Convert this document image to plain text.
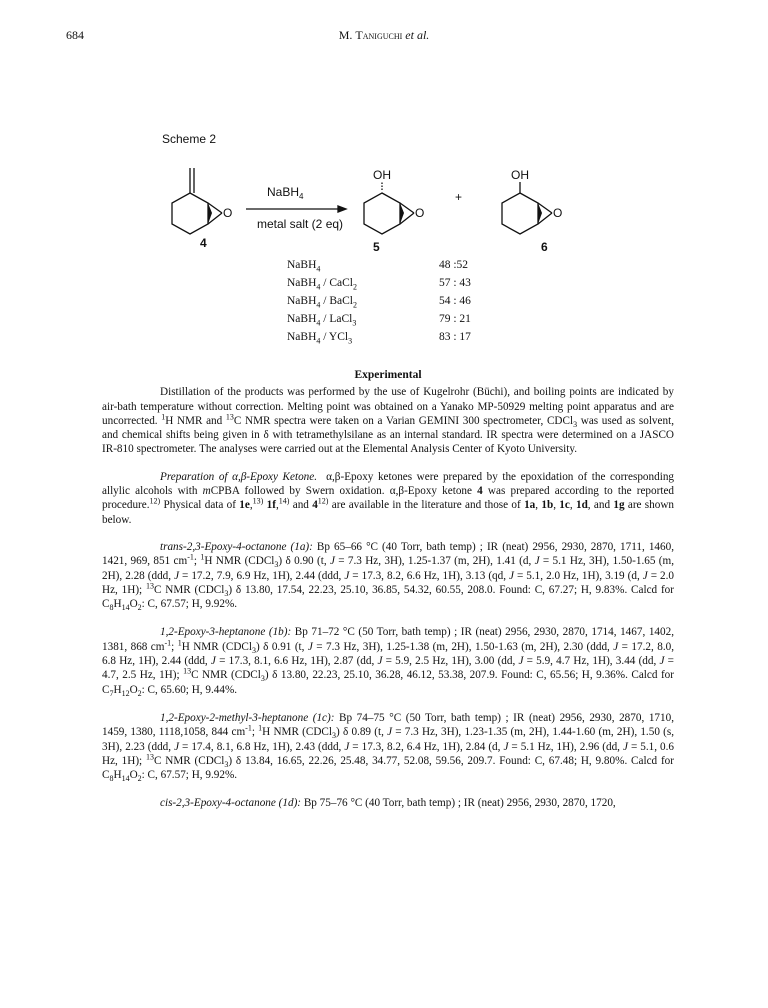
684	M. Taniguchi et al.
Scheme 2
O	O	O
OH	OH
NaBH$_4$
metal salt (2 eq)
+
4	5	6
NaBH$_4$	48 :52
NaBH$_4$ / CaCl$_2$	57 : 43
NaBH$_4$ / BaCl$_2$	54 : 46
NaBH$_4$ / LaCl$_3$	79 : 21
NaBH$_4$ / YCl$_3$	83 : 17
Experimental

Distillation of the products was performed by the use of Kugelrohr (Büchi), and boiling points are indicated by air-bath temperature without correction. Melting point was obtained on a Yanako MP-50929 melting point apparatus and are uncorrected. $^1$H NMR and $^{13}$C NMR spectra were taken on a Varian GEMINI 300 spectrometer, CDCl$_3$ was used as solvent, and chemical shifts being given in δ with tetramethylsilane as an internal standard. IR spectra were determined on a JASCO IR-810 spectrometer. The analyses were carried out at the Elemental Analysis Center of Kyoto University.

Preparation of α,β-Epoxy Ketone.  α,β-Epoxy ketones were prepared by the epoxidation of the corresponding allylic alcohols with mCPBA followed by Swern oxidation. α,β-Epoxy ketone 4 was prepared according to the reported procedure.$^{12)}$ Physical data of 1e,$^{13)}$ 1f,$^{14)}$ and 4$^{12)}$ are available in the literature and those of 1a, 1b, 1c, 1d, and 1g are shown below.

trans-2,3-Epoxy-4-octanone (1a): Bp 65–66 °C (40 Torr, bath temp) ; IR (neat) 2956, 2930, 2870, 1711, 1460, 1421, 969, 851 $cm^{-1}$; $^1$H NMR (CDCl$_3$) δ 0.90 (t, J = 7.3 Hz, 3H), 1.25-1.37 (m, 2H), 1.41 (d, J = 5.1 Hz, 3H), 1.50-1.65 (m, 2H), 2.28 (ddd, J = 17.2, 7.9, 6.9 Hz, 1H), 2.44 (ddd, J = 17.3, 8.2, 6.6 Hz, 1H), 3.13 (qd, J = 5.1, 2.0 Hz, 1H), 3.19 (d, J = 2.0 Hz, 1H); $^{13}$C NMR (CDCl$_3$) δ 13.80, 17.54, 22.23, 25.10, 36.85, 54.32, 60.55, 208.0. Found: C, 67.27; H, 9.83%. Calcd for $C_8H_{14}O_2$: C, 67.57; H, 9.92%.

1,2-Epoxy-3-heptanone (1b): Bp 71–72 °C (50 Torr, bath temp) ; IR (neat) 2956, 2930, 2870, 1714, 1467, 1402, 1381, 868 $cm^{-1}$; $^1$H NMR (CDCl$_3$) δ 0.91 (t, J = 7.3 Hz, 3H), 1.25-1.38 (m, 2H), 1.50-1.63 (m, 2H), 2.30 (ddd, J = 17.2, 8.0, 6.8 Hz, 1H), 2.44 (ddd, J = 17.3, 8.1, 6.6 Hz, 1H), 2.87 (dd, J = 5.9, 2.5 Hz, 1H), 3.00 (dd, J = 5.9, 4.7 Hz, 1H), 3.44 (dd, J = 4.7, 2.5 Hz, 1H); $^{13}$C NMR (CDCl$_3$) δ 13.80, 22.23, 25.10, 36.28, 46.12, 53.38, 207.9. Found: C, 65.56; H, 9.36%. Calcd for $C_7H_{12}O_2$: C, 65.60; H, 9.44%.

1,2-Epoxy-2-methyl-3-heptanone (1c): Bp 74–75 °C (50 Torr, bath temp) ; IR (neat) 2956, 2930, 2870, 1710, 1459, 1380, 1118,1058, 844 $cm^{-1}$; $^1$H NMR (CDCl$_3$) δ 0.89 (t, J = 7.3 Hz, 3H), 1.23-1.35 (m, 2H), 1.44-1.60 (m, 2H), 1.50 (s, 3H), 2.23 (ddd, J = 17.4, 8.1, 6.8 Hz, 1H), 2.43 (ddd, J = 17.3, 8.2, 6.4 Hz, 1H), 2.84 (d, J = 5.1 Hz, 1H), 2.96 (dd, J = 5.1, 0.6 Hz, 1H); $^{13}$C NMR (CDCl$_3$) δ 13.84, 16.65, 22.26, 25.48, 34.77, 52.08, 59.56, 209.7. Found: C, 67.48; H, 9.80%. Calcd for $C_8H_{14}O_2$: C, 67.57; H, 9.92%.

cis-2,3-Epoxy-4-octanone (1d): Bp 75–76 °C (40 Torr, bath temp) ; IR (neat) 2956, 2930, 2870, 1720,
